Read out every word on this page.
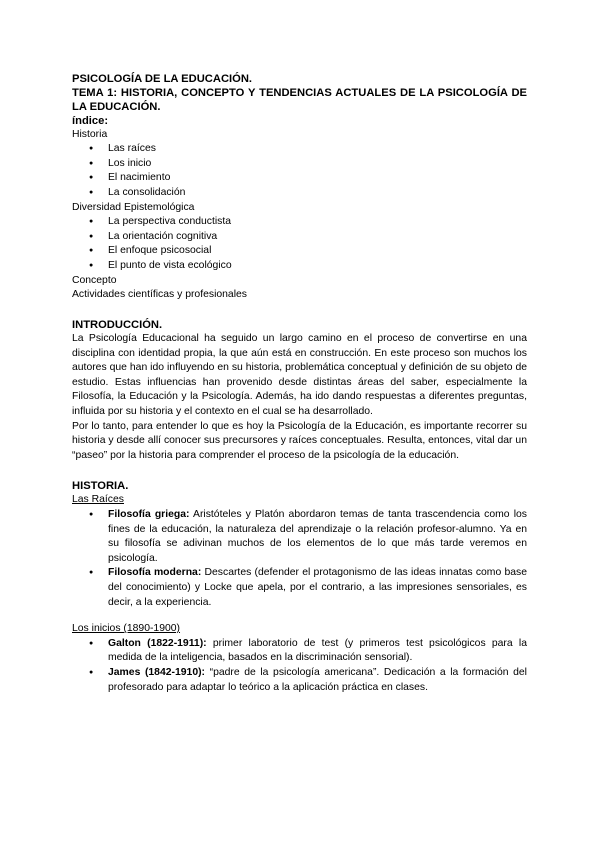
PSICOLOGÍA DE LA EDUCACIÓN.
TEMA 1: HISTORIA, CONCEPTO Y TENDENCIAS ACTUALES DE LA PSICOLOGÍA DE LA EDUCACIÓN.
índice:
Historia
● Las raíces
● Los inicio
● El nacimiento
● La consolidación
Diversidad Epistemológica
● La perspectiva conductista
● La orientación cognitiva
● El enfoque psicosocial
● El punto de vista ecológico
Concepto
Actividades científicas y profesionales
INTRODUCCIÓN.
La Psicología Educacional ha seguido un largo camino en el proceso de convertirse en una disciplina con identidad propia, la que aún está en construcción. En este proceso son muchos los autores que han ido influyendo en su historia, problemática conceptual y definición de su objeto de estudio. Estas influencias han provenido desde distintas áreas del saber, especialmente la Filosofía, la Educación y la Psicología. Además, ha ido dando respuestas a diferentes preguntas, influida por su historia y el contexto en el cual se ha desarrollado.
Por lo tanto, para entender lo que es hoy la Psicología de la Educación, es importante recorrer su historia y desde allí conocer sus precursores y raíces conceptuales. Resulta, entonces, vital dar un “paseo” por la historia para comprender el proceso de la psicología de la educación.
HISTORIA.
Las Raíces
● Filosofía griega: Aristóteles y Platón abordaron temas de tanta trascendencia como los fines de la educación, la naturaleza del aprendizaje o la relación profesor-alumno. Ya en su filosofía se adivinan muchos de los elementos de lo que más tarde veremos en psicología.
● Filosofía moderna: Descartes (defender el protagonismo de las ideas innatas como base del conocimiento) y Locke que apela, por el contrario, a las impresiones sensoriales, es decir, a la experiencia.
Los inicios (1890-1900)
● Galton (1822-1911): primer laboratorio de test (y primeros test psicológicos para la medida de la inteligencia, basados en la discriminación sensorial).
● James (1842-1910): “padre de la psicología americana”. Dedicación a la formación del profesorado para adaptar lo teórico a la aplicación práctica en clases.
